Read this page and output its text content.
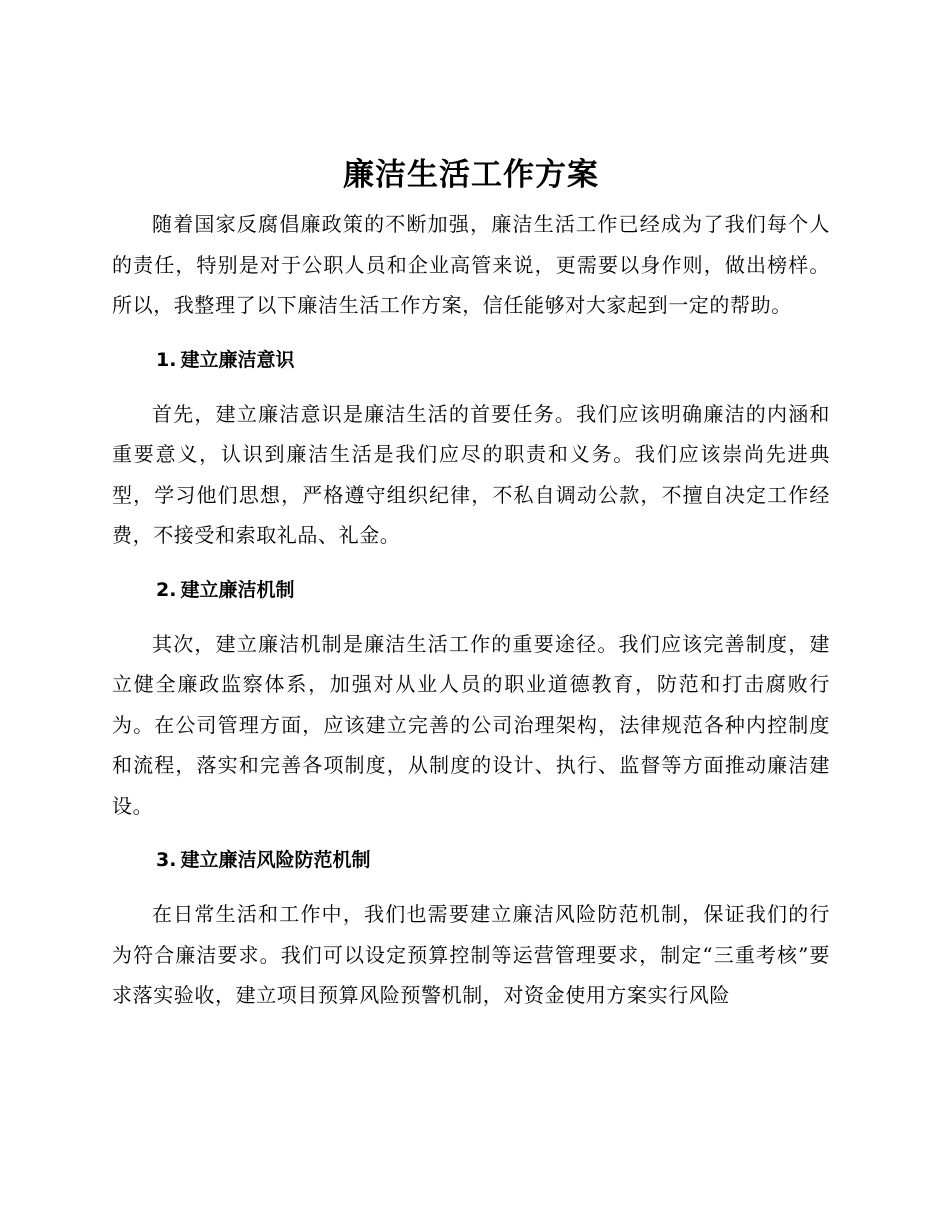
廉洁生活工作方案

随着国家反腐倡廉政策的不断加强，廉洁生活工作已经成为了我们每个人的责任，特别是对于公职人员和企业高管来说，更需要以身作则，做出榜样。所以，我整理了以下廉洁生活工作方案，信任能够对大家起到一定的帮助。

1. 建立廉洁意识

首先，建立廉洁意识是廉洁生活的首要任务。我们应该明确廉洁的内涵和重要意义，认识到廉洁生活是我们应尽的职责和义务。我们应该崇尚先进典型，学习他们思想，严格遵守组织纪律，不私自调动公款，不擅自决定工作经费，不接受和索取礼品、礼金。

2. 建立廉洁机制

其次，建立廉洁机制是廉洁生活工作的重要途径。我们应该完善制度，建立健全廉政监察体系，加强对从业人员的职业道德教育，防范和打击腐败行为。在公司管理方面，应该建立完善的公司治理架构，法律规范各种内控制度和流程，落实和完善各项制度，从制度的设计、执行、监督等方面推动廉洁建设。

3. 建立廉洁风险防范机制

在日常生活和工作中，我们也需要建立廉洁风险防范机制，保证我们的行为符合廉洁要求。我们可以设定预算控制等运营管理要求，制定“三重考核”要求落实验收，建立项目预算风险预警机制，对资金使用方案实行风险
